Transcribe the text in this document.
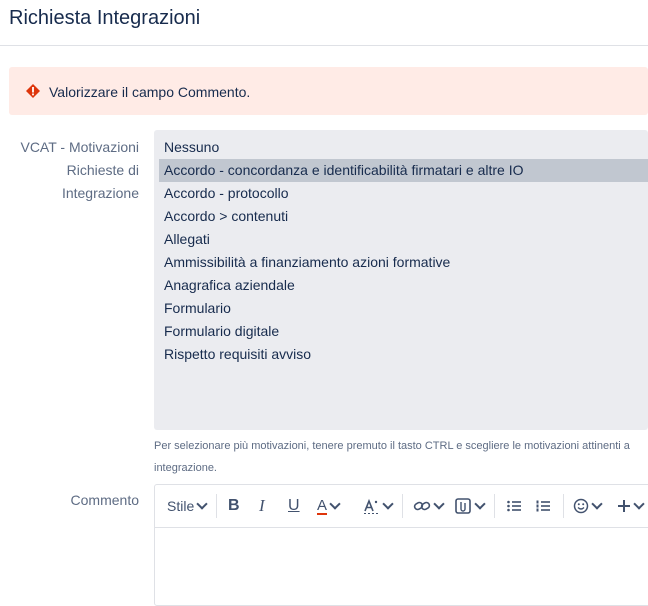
Richiesta Integrazioni
Valorizzare il campo Commento.
VCAT - Motivazioni
Richieste di
Integrazione
Nessuno
Accordo - concordanza e identificabilità firmatari e altre IO
Accordo - protocollo
Accordo > contenuti
Allegati
Ammissibilità a finanziamento azioni formative
Anagrafica aziendale
Formulario
Formulario digitale
Rispetto requisiti avviso
Per selezionare più motivazioni, tenere premuto il tasto CTRL e scegliere le motivazioni attinenti a
integrazione.
Commento Stile B I U A
